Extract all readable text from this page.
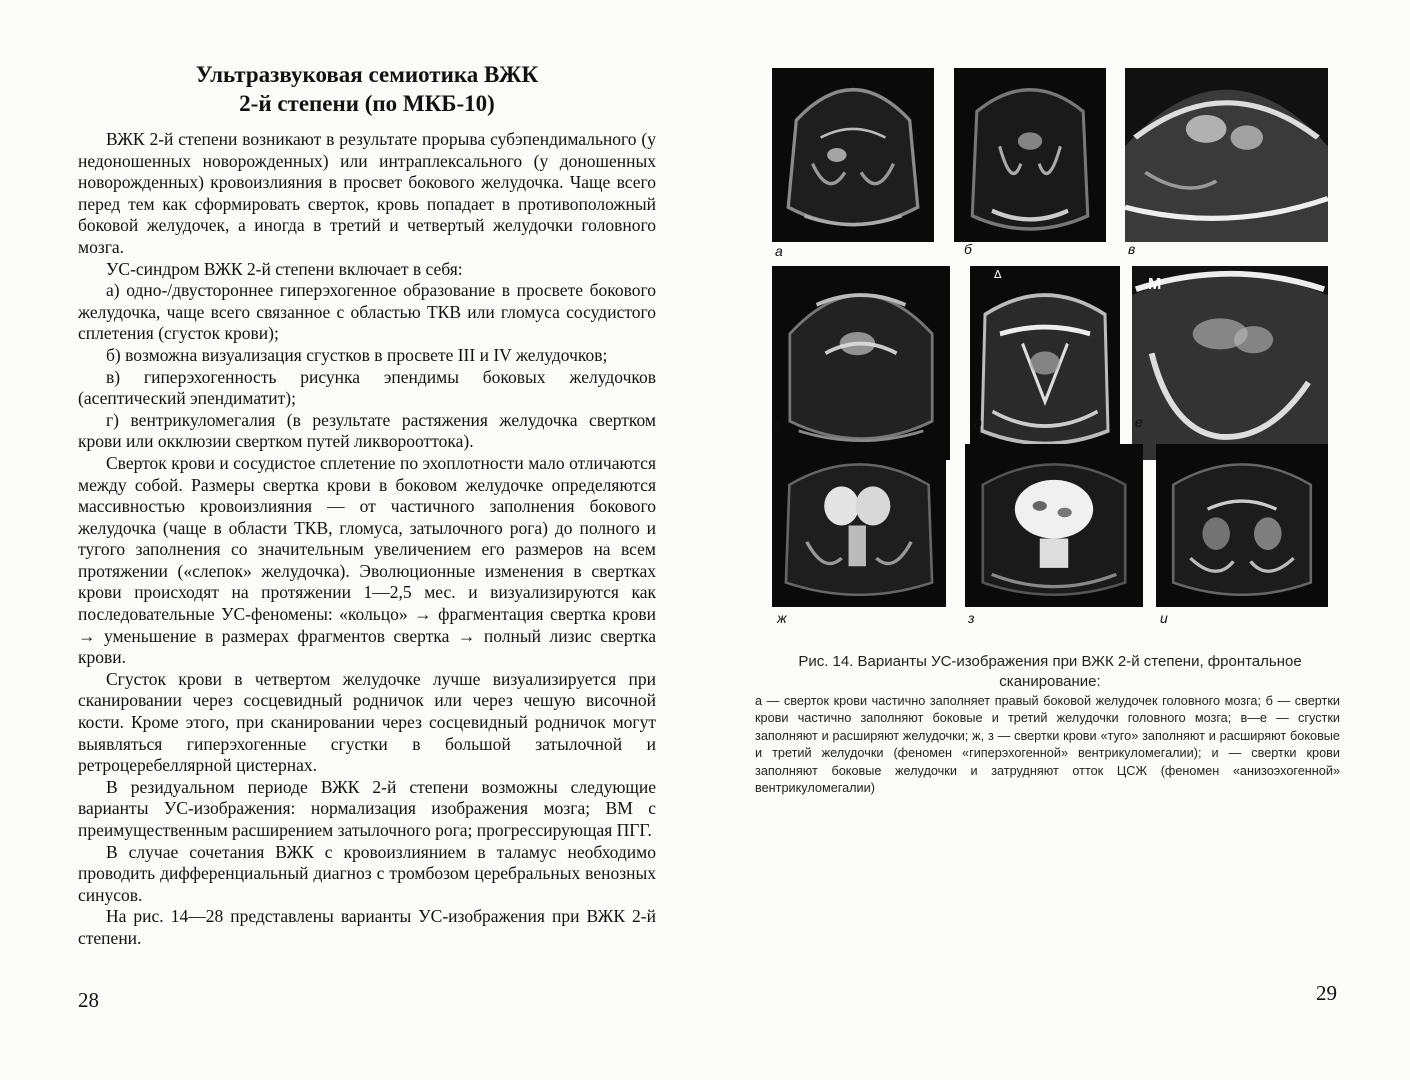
Ультразвуковая семиотика ВЖК
2-й степени (по МКБ-10)

ВЖК 2-й степени возникают в результате прорыва субэпендимального (у недоношенных новорожденных) или интраплексального (у доношенных новорожденных) кровоизлияния в просвет бокового желудочка. Чаще всего перед тем как сформировать сверток, кровь попадает в противоположный боковой желудочек, а иногда в третий и четвертый желудочки головного мозга.

УС-синдром ВЖК 2-й степени включает в себя:

а) одно-/двустороннее гиперэхогенное образование в просвете бокового желудочка, чаще всего связанное с областью ТКВ или гломуса сосудистого сплетения (сгусток крови);

б) возможна визуализация сгустков в просвете III и IV желудочков;

в) гиперэхогенность рисунка эпендимы боковых желудочков (асептический эпендиматит);

г) вентрикуломегалия (в результате растяжения желудочка свертком крови или окклюзии свертком путей ликворооттока).

Сверток крови и сосудистое сплетение по эхоплотности мало отличаются между собой. Размеры свертка крови в боковом желудочке определяются массивностью кровоизлияния — от частичного заполнения бокового желудочка (чаще в области ТКВ, гломуса, затылочного рога) до полного и тугого заполнения со значительным увеличением его размеров на всем протяжении («слепок» желудочка). Эволюционные изменения в свертках крови происходят на протяжении 1—2,5 мес. и визуализируются как последовательные УС-феномены: «кольцо» → фрагментация свертка крови → уменьшение в размерах фрагментов свертка → полный лизис свертка крови.

Сгусток крови в четвертом желудочке лучше визуализируется при сканировании через сосцевидный родничок или через чешую височной кости. Кроме этого, при сканировании через сосцевидный родничок могут выявляться гиперэхогенные сгустки в большой затылочной и ретроцеребеллярной цистернах.

В резидуальном периоде ВЖК 2-й степени возможны следующие варианты УС-изображения: нормализация изображения мозга; ВМ с преимущественным расширением затылочного рога; прогрессирующая ПГГ.

В случае сочетания ВЖК с кровоизлиянием в таламус необходимо проводить дифференциальный диагноз с тромбозом церебральных венозных синусов.

На рис. 14—28 представлены варианты УС-изображения при ВЖК 2-й степени.

28
Δ
M
а	б	в
г	д	е
ж	з	и
Рис. 14. Варианты УС-изображения при ВЖК 2-й степени, фронтальное сканирование:
а — сверток крови частично заполняет правый боковой желудочек головного мозга; б — свертки крови частично заполняют боковые и третий желудочки головного мозга; в—е — сгустки заполняют и расширяют желудочки; ж, з — свертки крови «туго» заполняют и расширяют боковые и третий желудочки (феномен «гиперэхогенной» вентрикуломегалии); и — свертки крови заполняют боковые желудочки и затрудняют отток ЦСЖ (феномен «анизоэхогенной» вентрикуломегалии)
29
